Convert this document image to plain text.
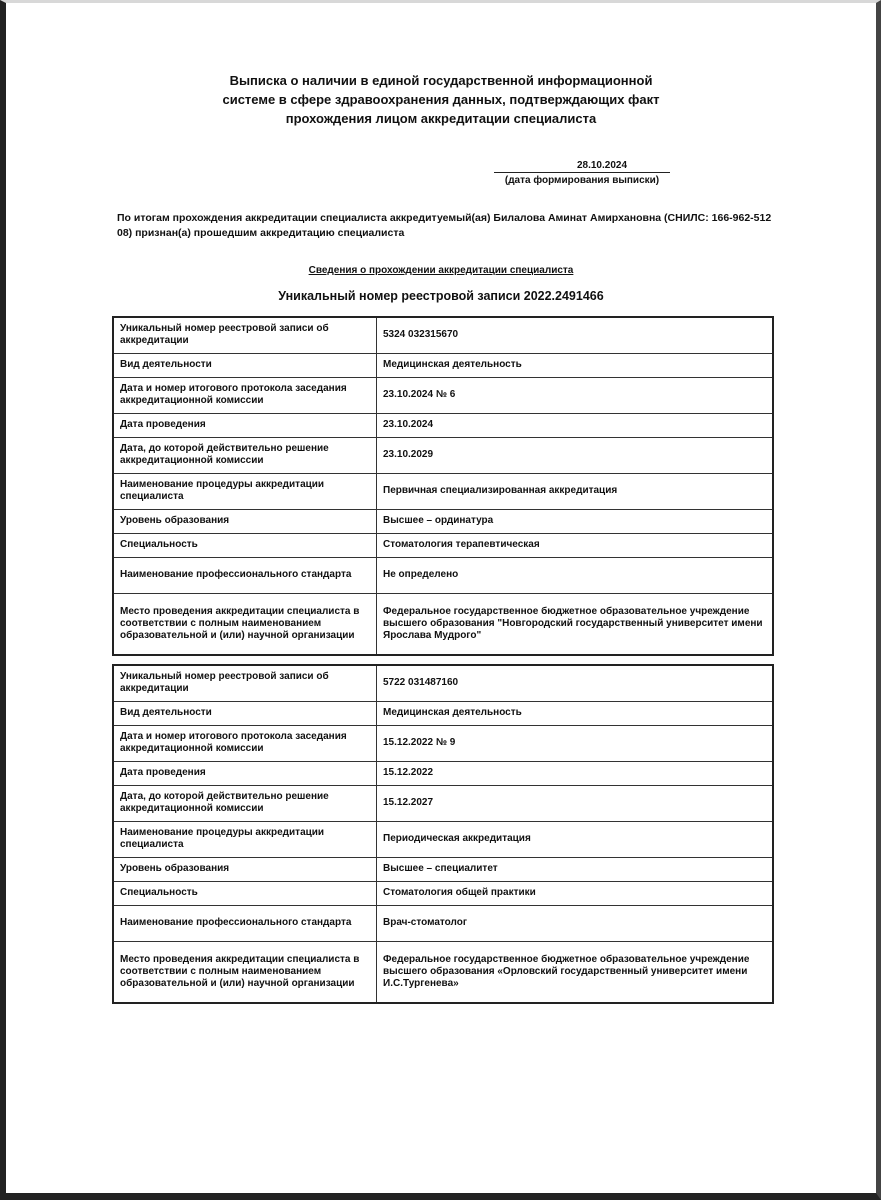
Выписка о наличии в единой государственной информационной
системе в сфере здравоохранения данных, подтверждающих факт
прохождения лицом аккредитации специалиста
28.10.2024
(дата формирования выписки)
По итогам прохождения аккредитации специалиста аккредитуемый(ая) Билалова Аминат Амирхановна (СНИЛС: 166-962-512 08) признан(а) прошедшим аккредитацию специалиста
Сведения о прохождении аккредитации специалиста
Уникальный номер реестровой записи 2022.2491466
Уникальный номер реестровой записи об аккредитации	5324 032315670
Вид деятельности	Медицинская деятельность
Дата и номер итогового протокола заседания аккредитационной комиссии	23.10.2024 № 6
Дата проведения	23.10.2024
Дата, до которой действительно решение аккредитационной комиссии	23.10.2029
Наименование процедуры аккредитации специалиста	Первичная специализированная аккредитация
Уровень образования	Высшее – ординатура
Специальность	Стоматология терапевтическая
Наименование профессионального стандарта	Не определено
Место проведения аккредитации специалиста в соответствии с полным наименованием образовательной и (или) научной организации	Федеральное государственное бюджетное образовательное учреждение высшего образования "Новгородский государственный университет имени Ярослава Мудрого"
Уникальный номер реестровой записи об аккредитации	5722 031487160
Вид деятельности	Медицинская деятельность
Дата и номер итогового протокола заседания аккредитационной комиссии	15.12.2022 № 9
Дата проведения	15.12.2022
Дата, до которой действительно решение аккредитационной комиссии	15.12.2027
Наименование процедуры аккредитации специалиста	Периодическая аккредитация
Уровень образования	Высшее – специалитет
Специальность	Стоматология общей практики
Наименование профессионального стандарта	Врач-стоматолог
Место проведения аккредитации специалиста в соответствии с полным наименованием образовательной и (или) научной организации	Федеральное государственное бюджетное образовательное учреждение высшего образования «Орловский государственный университет имени И.С.Тургенева»
